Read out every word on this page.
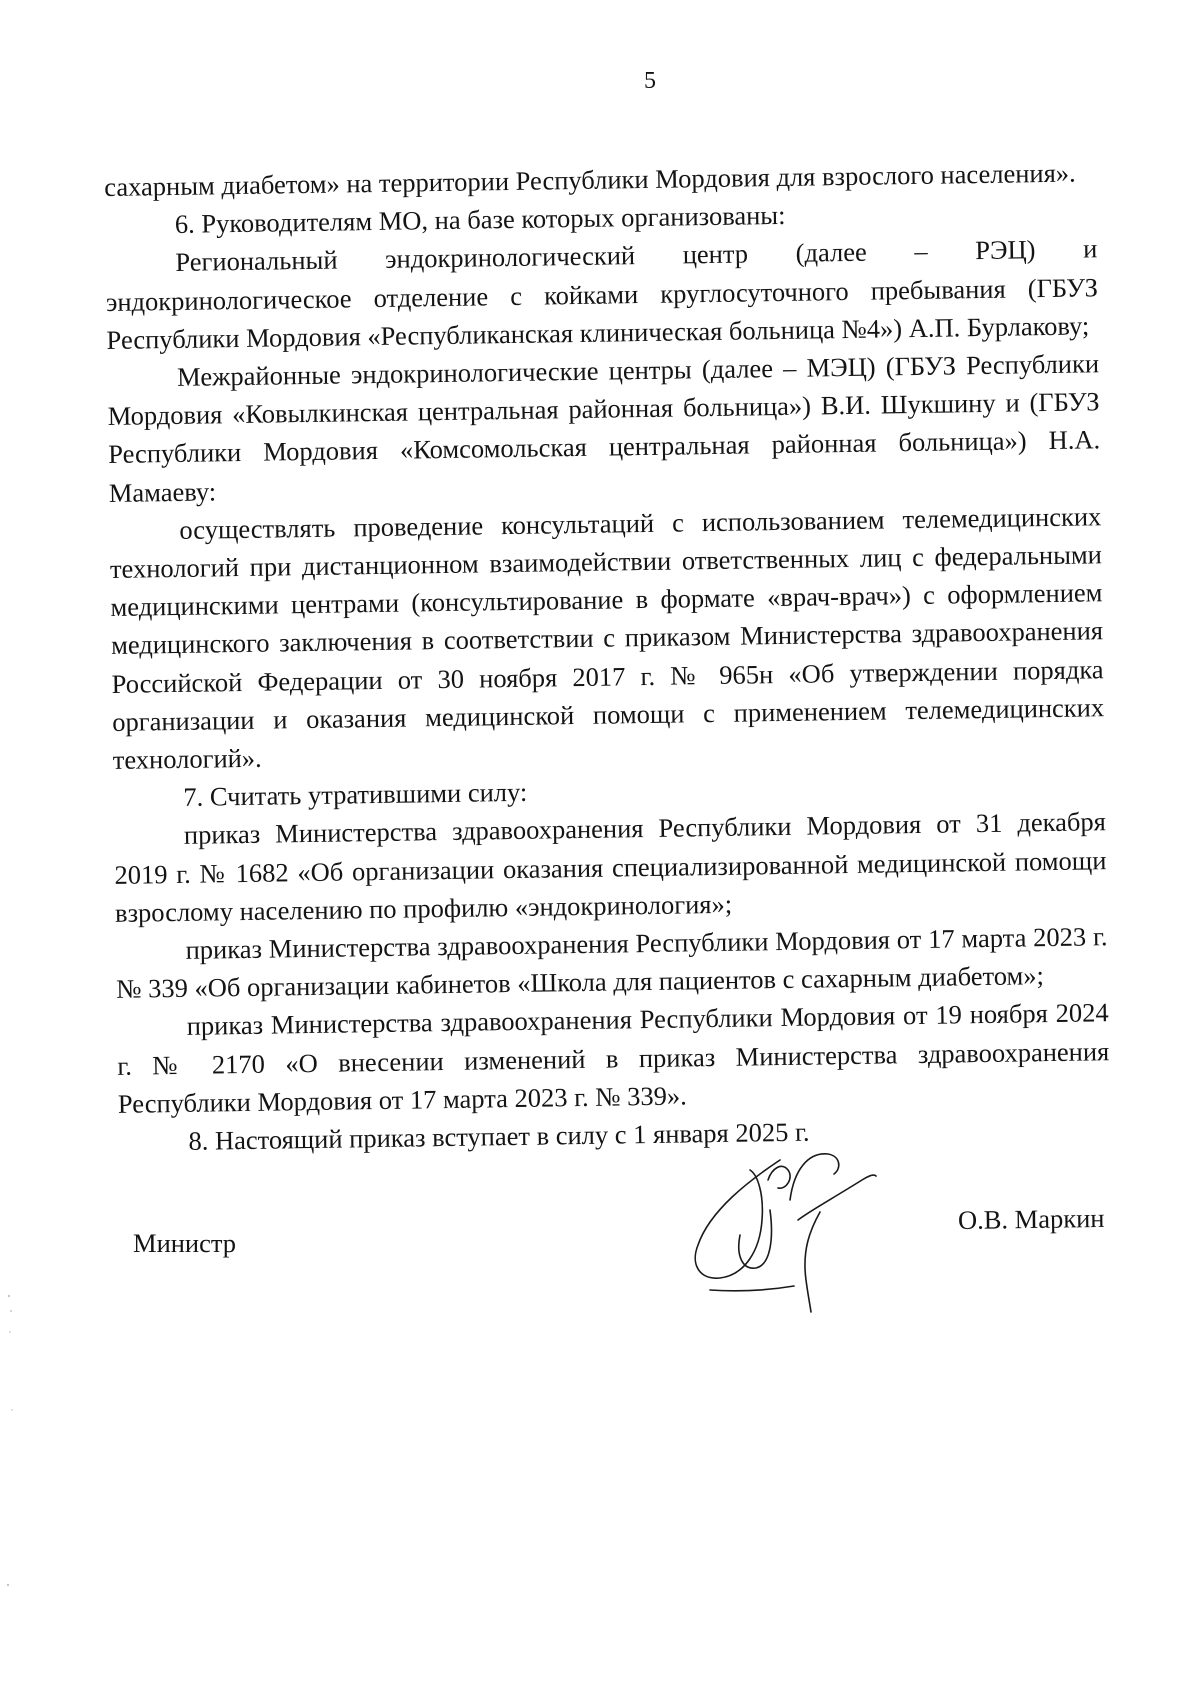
5

сахарным диабетом» на территории Республики Мордовия для взрослого населения».

6. Руководителям МО, на базе которых организованы:

Региональный эндокринологический центр (далее – РЭЦ) и эндокринологическое отделение с койками круглосуточного пребывания (ГБУЗ Республики Мордовия «Республиканская клиническая больница №4») А.П. Бурлакову;

Межрайонные эндокринологические центры (далее – МЭЦ) (ГБУЗ Республики Мордовия «Ковылкинская центральная районная больница») В.И. Шукшину и (ГБУЗ Республики Мордовия «Комсомольская центральная районная больница») Н.А. Мамаеву:

осуществлять проведение консультаций с использованием телемедицинских технологий при дистанционном взаимодействии ответственных лиц с федеральными медицинскими центрами (консультирование в формате «врач-врач») с оформлением медицинского заключения в соответствии с приказом Министерства здравоохранения Российской Федерации от 30 ноября 2017 г. № 965н «Об утверждении порядка организации и оказания медицинской помощи с применением телемедицинских технологий».

7. Считать утратившими силу:

приказ Министерства здравоохранения Республики Мордовия от 31 декабря 2019 г. № 1682 «Об организации оказания специализированной медицинской помощи взрослому населению по профилю «эндокринология»;

приказ Министерства здравоохранения Республики Мордовия от 17 марта 2023 г. № 339 «Об организации кабинетов «Школа для пациентов с сахарным диабетом»;

приказ Министерства здравоохранения Республики Мордовия от 19 ноября 2024 г. № 2170 «О внесении изменений в приказ Министерства здравоохранения Республики Мордовия от 17 марта 2023 г. № 339».

8. Настоящий приказ вступает в силу с 1 января 2025 г.

Министр
О.В. Маркин
